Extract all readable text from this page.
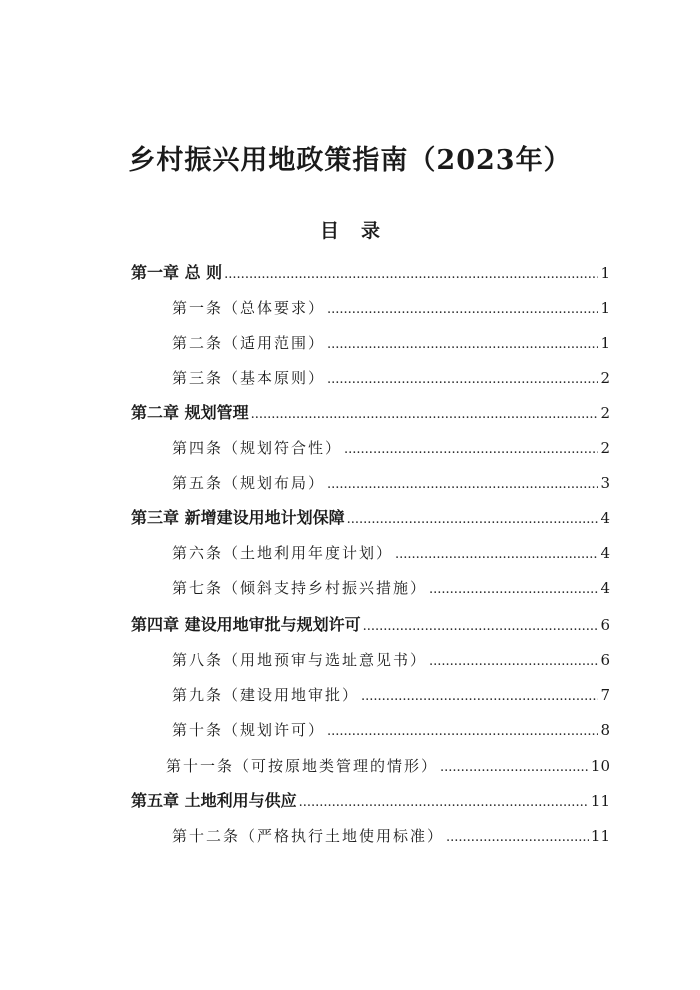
乡村振兴用地政策指南（2023年）
目录
第一章 总 则 .....	1
第一条（总体要求） .....	1
第二条（适用范围） .....	1
第三条（基本原则） .....	2
第二章 规划管理 .....	2
第四条（规划符合性） .....	2
第五条（规划布局） .....	3
第三章 新增建设用地计划保障 .....	4
第六条（土地利用年度计划） .....	4
第七条（倾斜支持乡村振兴措施） .....	4
第四章 建设用地审批与规划许可 .....	6
第八条（用地预审与选址意见书） .....	6
第九条（建设用地审批） .....	7
第十条（规划许可） .....	8
第十一条（可按原地类管理的情形） .....	10
第五章 土地利用与供应 .....	11
第十二条（严格执行土地使用标准） .....	11
